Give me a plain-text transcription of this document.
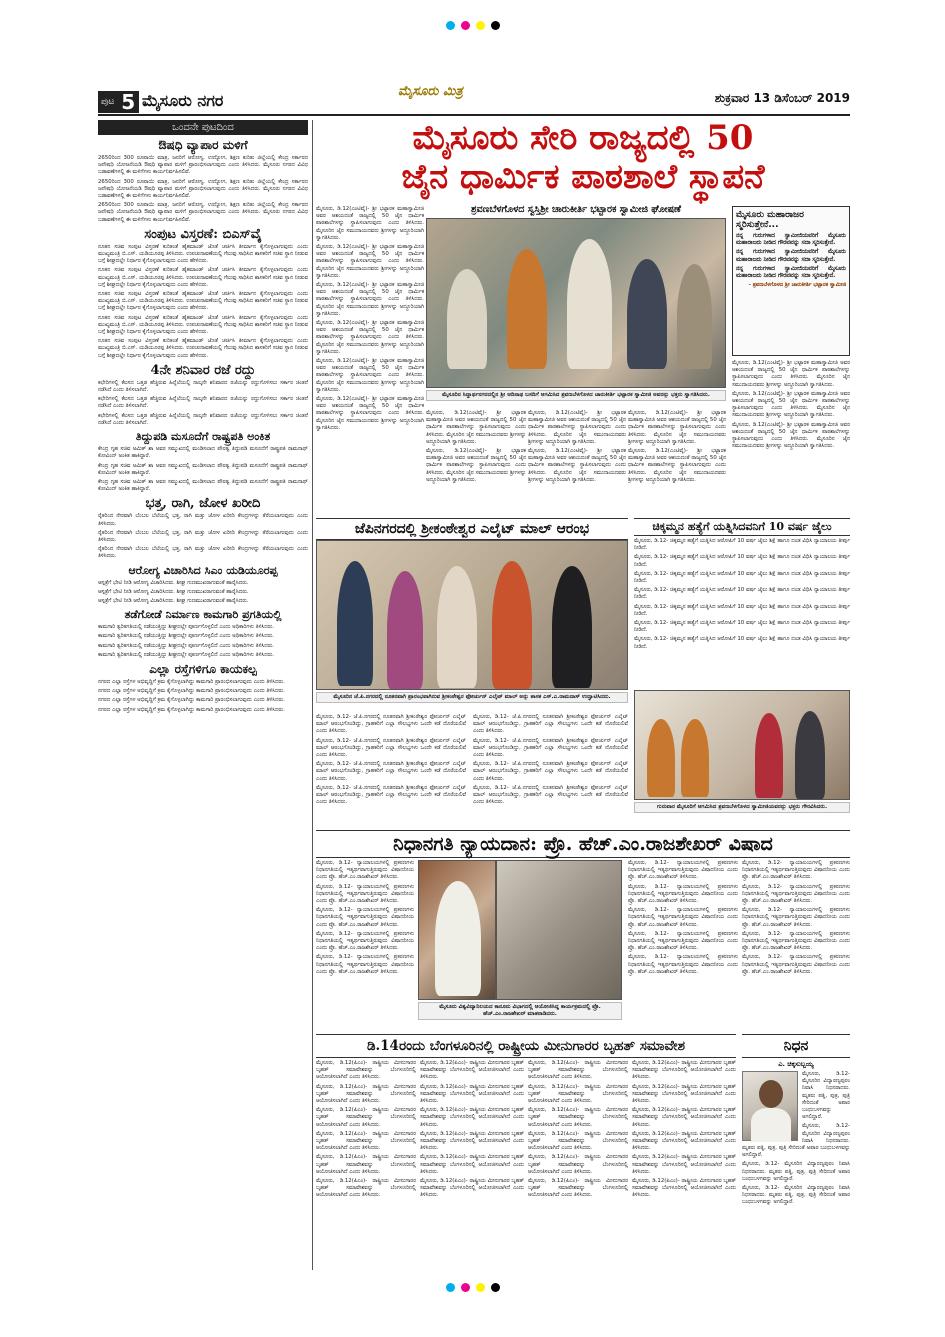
ಪುಟ 5 ಮೈಸೂರು ನಗರ	ಮೈಸೂರು ಮಿತ್ರ	ಶುಕ್ರವಾರ 13 ಡಿಸೆಂಬರ್ 2019
ಒಂದನೇ ಪುಟದಿಂದ
ಔಷಧಿ ವ್ಯಾಪಾರ ಮಳಿಗೆ

2650ರಿಂದ 300 ರೂಪಾಯಿ ಮಾತ್ರ, ಜನರಿಗೆ ಆರೋಗ್ಯ, ಉದ್ಯೋಗ, ಶಿಕ್ಷಣ ಕುರಿತು ಜಿಲ್ಲೆಯಲ್ಲಿ ಕೇಂದ್ರ ಸರ್ಕಾರದ ಜನೌಷಧಿ ಯೋಜನೆಯಡಿ ಔಷಧಿ ವ್ಯಾಪಾರ ಮಳಿಗೆ ಪ್ರಾರಂಭಿಸಲಾಗುವುದು ಎಂದು ತಿಳಿಸಿದರು. ಮೈಸೂರು ನಗರದ ವಿವಿಧ ಬಡಾವಣೆಗಳಲ್ಲಿ ಈ ಮಳಿಗೆಗಳು ಕಾರ್ಯನಿರ್ವಹಿಸಲಿವೆ.

2650ರಿಂದ 300 ರೂಪಾಯಿ ಮಾತ್ರ, ಜನರಿಗೆ ಆರೋಗ್ಯ, ಉದ್ಯೋಗ, ಶಿಕ್ಷಣ ಕುರಿತು ಜಿಲ್ಲೆಯಲ್ಲಿ ಕೇಂದ್ರ ಸರ್ಕಾರದ ಜನೌಷಧಿ ಯೋಜನೆಯಡಿ ಔಷಧಿ ವ್ಯಾಪಾರ ಮಳಿಗೆ ಪ್ರಾರಂಭಿಸಲಾಗುವುದು ಎಂದು ತಿಳಿಸಿದರು. ಮೈಸೂರು ನಗರದ ವಿವಿಧ ಬಡಾವಣೆಗಳಲ್ಲಿ ಈ ಮಳಿಗೆಗಳು ಕಾರ್ಯನಿರ್ವಹಿಸಲಿವೆ.

2650ರಿಂದ 300 ರೂಪಾಯಿ ಮಾತ್ರ, ಜನರಿಗೆ ಆರೋಗ್ಯ, ಉದ್ಯೋಗ, ಶಿಕ್ಷಣ ಕುರಿತು ಜಿಲ್ಲೆಯಲ್ಲಿ ಕೇಂದ್ರ ಸರ್ಕಾರದ ಜನೌಷಧಿ ಯೋಜನೆಯಡಿ ಔಷಧಿ ವ್ಯಾಪಾರ ಮಳಿಗೆ ಪ್ರಾರಂಭಿಸಲಾಗುವುದು ಎಂದು ತಿಳಿಸಿದರು. ಮೈಸೂರು ನಗರದ ವಿವಿಧ ಬಡಾವಣೆಗಳಲ್ಲಿ ಈ ಮಳಿಗೆಗಳು ಕಾರ್ಯನಿರ್ವಹಿಸಲಿವೆ.

ಸಂಪುಟ ವಿಸ್ತರಣೆ: ಬಿಎಸ್‌ವೈ

ನೂತನ ಸಚಿವ ಸಂಪುಟ ವಿಸ್ತರಣೆ ಕುರಿತಂತೆ ಹೈಕಮಾಂಡ್ ಜೊತೆ ಚರ್ಚಿಸಿ ತೀರ್ಮಾನ ಕೈಗೊಳ್ಳಲಾಗುವುದು ಎಂದು ಮುಖ್ಯಮಂತ್ರಿ ಬಿ.ಎಸ್. ಯಡಿಯೂರಪ್ಪ ತಿಳಿಸಿದರು. ಉಪಚುನಾವಣೆಯಲ್ಲಿ ಗೆಲುವು ಸಾಧಿಸಿದ ಶಾಸಕರಿಗೆ ಸಚಿವ ಸ್ಥಾನ ನೀಡುವ ಬಗ್ಗೆ ಶೀಘ್ರದಲ್ಲೇ ನಿರ್ಧಾರ ಕೈಗೊಳ್ಳಲಾಗುವುದು ಎಂದು ಹೇಳಿದರು.

ನೂತನ ಸಚಿವ ಸಂಪುಟ ವಿಸ್ತರಣೆ ಕುರಿತಂತೆ ಹೈಕಮಾಂಡ್ ಜೊತೆ ಚರ್ಚಿಸಿ ತೀರ್ಮಾನ ಕೈಗೊಳ್ಳಲಾಗುವುದು ಎಂದು ಮುಖ್ಯಮಂತ್ರಿ ಬಿ.ಎಸ್. ಯಡಿಯೂರಪ್ಪ ತಿಳಿಸಿದರು. ಉಪಚುನಾವಣೆಯಲ್ಲಿ ಗೆಲುವು ಸಾಧಿಸಿದ ಶಾಸಕರಿಗೆ ಸಚಿವ ಸ್ಥಾನ ನೀಡುವ ಬಗ್ಗೆ ಶೀಘ್ರದಲ್ಲೇ ನಿರ್ಧಾರ ಕೈಗೊಳ್ಳಲಾಗುವುದು ಎಂದು ಹೇಳಿದರು.

ನೂತನ ಸಚಿವ ಸಂಪುಟ ವಿಸ್ತರಣೆ ಕುರಿತಂತೆ ಹೈಕಮಾಂಡ್ ಜೊತೆ ಚರ್ಚಿಸಿ ತೀರ್ಮಾನ ಕೈಗೊಳ್ಳಲಾಗುವುದು ಎಂದು ಮುಖ್ಯಮಂತ್ರಿ ಬಿ.ಎಸ್. ಯಡಿಯೂರಪ್ಪ ತಿಳಿಸಿದರು. ಉಪಚುನಾವಣೆಯಲ್ಲಿ ಗೆಲುವು ಸಾಧಿಸಿದ ಶಾಸಕರಿಗೆ ಸಚಿವ ಸ್ಥಾನ ನೀಡುವ ಬಗ್ಗೆ ಶೀಘ್ರದಲ್ಲೇ ನಿರ್ಧಾರ ಕೈಗೊಳ್ಳಲಾಗುವುದು ಎಂದು ಹೇಳಿದರು.

ನೂತನ ಸಚಿವ ಸಂಪುಟ ವಿಸ್ತರಣೆ ಕುರಿತಂತೆ ಹೈಕಮಾಂಡ್ ಜೊತೆ ಚರ್ಚಿಸಿ ತೀರ್ಮಾನ ಕೈಗೊಳ್ಳಲಾಗುವುದು ಎಂದು ಮುಖ್ಯಮಂತ್ರಿ ಬಿ.ಎಸ್. ಯಡಿಯೂರಪ್ಪ ತಿಳಿಸಿದರು. ಉಪಚುನಾವಣೆಯಲ್ಲಿ ಗೆಲುವು ಸಾಧಿಸಿದ ಶಾಸಕರಿಗೆ ಸಚಿವ ಸ್ಥಾನ ನೀಡುವ ಬಗ್ಗೆ ಶೀಘ್ರದಲ್ಲೇ ನಿರ್ಧಾರ ಕೈಗೊಳ್ಳಲಾಗುವುದು ಎಂದು ಹೇಳಿದರು.

ನೂತನ ಸಚಿವ ಸಂಪುಟ ವಿಸ್ತರಣೆ ಕುರಿತಂತೆ ಹೈಕಮಾಂಡ್ ಜೊತೆ ಚರ್ಚಿಸಿ ತೀರ್ಮಾನ ಕೈಗೊಳ್ಳಲಾಗುವುದು ಎಂದು ಮುಖ್ಯಮಂತ್ರಿ ಬಿ.ಎಸ್. ಯಡಿಯೂರಪ್ಪ ತಿಳಿಸಿದರು. ಉಪಚುನಾವಣೆಯಲ್ಲಿ ಗೆಲುವು ಸಾಧಿಸಿದ ಶಾಸಕರಿಗೆ ಸಚಿವ ಸ್ಥಾನ ನೀಡುವ ಬಗ್ಗೆ ಶೀಘ್ರದಲ್ಲೇ ನಿರ್ಧಾರ ಕೈಗೊಳ್ಳಲಾಗುವುದು ಎಂದು ಹೇಳಿದರು.

4ನೇ ಶನಿವಾರ ರಜೆ ರದ್ದು

ಕಛೇರಿಗಳಲ್ಲಿ ಕೆಲಸದ ಒತ್ತಡ ಹೆಚ್ಚಿರುವ ಹಿನ್ನೆಲೆಯಲ್ಲಿ ನಾಲ್ಕನೇ ಶನಿವಾರದ ರಜೆಯನ್ನು ರದ್ದುಗೊಳಿಸಲು ಸರ್ಕಾರ ಚಿಂತನೆ ನಡೆಸಿದೆ ಎಂದು ತಿಳಿಸಲಾಗಿದೆ.

ಕಛೇರಿಗಳಲ್ಲಿ ಕೆಲಸದ ಒತ್ತಡ ಹೆಚ್ಚಿರುವ ಹಿನ್ನೆಲೆಯಲ್ಲಿ ನಾಲ್ಕನೇ ಶನಿವಾರದ ರಜೆಯನ್ನು ರದ್ದುಗೊಳಿಸಲು ಸರ್ಕಾರ ಚಿಂತನೆ ನಡೆಸಿದೆ ಎಂದು ತಿಳಿಸಲಾಗಿದೆ.

ಕಛೇರಿಗಳಲ್ಲಿ ಕೆಲಸದ ಒತ್ತಡ ಹೆಚ್ಚಿರುವ ಹಿನ್ನೆಲೆಯಲ್ಲಿ ನಾಲ್ಕನೇ ಶನಿವಾರದ ರಜೆಯನ್ನು ರದ್ದುಗೊಳಿಸಲು ಸರ್ಕಾರ ಚಿಂತನೆ ನಡೆಸಿದೆ ಎಂದು ತಿಳಿಸಲಾಗಿದೆ.

ತಿದ್ದುಪಡಿ ಮಸೂದೆಗೆ ರಾಷ್ಟ್ರಪತಿ ಅಂಕಿತ

ಕೇಂದ್ರ ಗೃಹ ಸಚಿವ ಅಮಿತ್ ಶಾ ಅವರ ಸಮ್ಮುಖದಲ್ಲಿ ಮಂಡಿಸಲಾದ ಪೌರತ್ವ ತಿದ್ದುಪಡಿ ಮಸೂದೆಗೆ ರಾಷ್ಟ್ರಪತಿ ರಾಮನಾಥ್ ಕೋವಿಂದ್ ಅಂಕಿತ ಹಾಕಿದ್ದಾರೆ.

ಕೇಂದ್ರ ಗೃಹ ಸಚಿವ ಅಮಿತ್ ಶಾ ಅವರ ಸಮ್ಮುಖದಲ್ಲಿ ಮಂಡಿಸಲಾದ ಪೌರತ್ವ ತಿದ್ದುಪಡಿ ಮಸೂದೆಗೆ ರಾಷ್ಟ್ರಪತಿ ರಾಮನಾಥ್ ಕೋವಿಂದ್ ಅಂಕಿತ ಹಾಕಿದ್ದಾರೆ.

ಕೇಂದ್ರ ಗೃಹ ಸಚಿವ ಅಮಿತ್ ಶಾ ಅವರ ಸಮ್ಮುಖದಲ್ಲಿ ಮಂಡಿಸಲಾದ ಪೌರತ್ವ ತಿದ್ದುಪಡಿ ಮಸೂದೆಗೆ ರಾಷ್ಟ್ರಪತಿ ರಾಮನಾಥ್ ಕೋವಿಂದ್ ಅಂಕಿತ ಹಾಕಿದ್ದಾರೆ.

ಭತ್ತ, ರಾಗಿ, ಜೋಳ ಖರೀದಿ

ರೈತರಿಂದ ನೇರವಾಗಿ ಬೆಂಬಲ ಬೆಲೆಯಲ್ಲಿ ಭತ್ತ, ರಾಗಿ ಮತ್ತು ಜೋಳ ಖರೀದಿ ಕೇಂದ್ರಗಳನ್ನು ತೆರೆಯಲಾಗುವುದು ಎಂದು ತಿಳಿಸಿದರು.

ರೈತರಿಂದ ನೇರವಾಗಿ ಬೆಂಬಲ ಬೆಲೆಯಲ್ಲಿ ಭತ್ತ, ರಾಗಿ ಮತ್ತು ಜೋಳ ಖರೀದಿ ಕೇಂದ್ರಗಳನ್ನು ತೆರೆಯಲಾಗುವುದು ಎಂದು ತಿಳಿಸಿದರು.

ರೈತರಿಂದ ನೇರವಾಗಿ ಬೆಂಬಲ ಬೆಲೆಯಲ್ಲಿ ಭತ್ತ, ರಾಗಿ ಮತ್ತು ಜೋಳ ಖರೀದಿ ಕೇಂದ್ರಗಳನ್ನು ತೆರೆಯಲಾಗುವುದು ಎಂದು ತಿಳಿಸಿದರು.

ಆರೋಗ್ಯ ವಿಚಾರಿಸಿದ ಸಿಎಂ ಯಡಿಯೂರಪ್ಪ

ಆಸ್ಪತ್ರೆಗೆ ಭೇಟಿ ನೀಡಿ ಆರೋಗ್ಯ ವಿಚಾರಿಸಿದರು. ಶೀಘ್ರ ಗುಣಮುಖರಾಗುವಂತೆ ಹಾರೈಸಿದರು.

ಆಸ್ಪತ್ರೆಗೆ ಭೇಟಿ ನೀಡಿ ಆರೋಗ್ಯ ವಿಚಾರಿಸಿದರು. ಶೀಘ್ರ ಗುಣಮುಖರಾಗುವಂತೆ ಹಾರೈಸಿದರು.

ಆಸ್ಪತ್ರೆಗೆ ಭೇಟಿ ನೀಡಿ ಆರೋಗ್ಯ ವಿಚಾರಿಸಿದರು. ಶೀಘ್ರ ಗುಣಮುಖರಾಗುವಂತೆ ಹಾರೈಸಿದರು.

ತಡೆಗೋಡೆ ನಿರ್ಮಾಣ ಕಾಮಗಾರಿ ಪ್ರಗತಿಯಲ್ಲಿ

ಕಾಮಗಾರಿ ತ್ವರಿತಗತಿಯಲ್ಲಿ ನಡೆಯುತ್ತಿದ್ದು ಶೀಘ್ರದಲ್ಲೇ ಪೂರ್ಣಗೊಳ್ಳಲಿದೆ ಎಂದು ಅಧಿಕಾರಿಗಳು ತಿಳಿಸಿದರು.

ಕಾಮಗಾರಿ ತ್ವರಿತಗತಿಯಲ್ಲಿ ನಡೆಯುತ್ತಿದ್ದು ಶೀಘ್ರದಲ್ಲೇ ಪೂರ್ಣಗೊಳ್ಳಲಿದೆ ಎಂದು ಅಧಿಕಾರಿಗಳು ತಿಳಿಸಿದರು.

ಕಾಮಗಾರಿ ತ್ವರಿತಗತಿಯಲ್ಲಿ ನಡೆಯುತ್ತಿದ್ದು ಶೀಘ್ರದಲ್ಲೇ ಪೂರ್ಣಗೊಳ್ಳಲಿದೆ ಎಂದು ಅಧಿಕಾರಿಗಳು ತಿಳಿಸಿದರು.

ಕಾಮಗಾರಿ ತ್ವರಿತಗತಿಯಲ್ಲಿ ನಡೆಯುತ್ತಿದ್ದು ಶೀಘ್ರದಲ್ಲೇ ಪೂರ್ಣಗೊಳ್ಳಲಿದೆ ಎಂದು ಅಧಿಕಾರಿಗಳು ತಿಳಿಸಿದರು.

ಎಲ್ಲಾ ರಸ್ತೆಗಳಿಗೂ ಕಾಯಕಲ್ಪ

ನಗರದ ಎಲ್ಲಾ ರಸ್ತೆಗಳ ಅಭಿವೃದ್ಧಿಗೆ ಕ್ರಮ ಕೈಗೊಳ್ಳಲಾಗಿದ್ದು ಕಾಮಗಾರಿ ಪ್ರಾರಂಭಿಸಲಾಗುವುದು ಎಂದು ತಿಳಿಸಿದರು.

ನಗರದ ಎಲ್ಲಾ ರಸ್ತೆಗಳ ಅಭಿವೃದ್ಧಿಗೆ ಕ್ರಮ ಕೈಗೊಳ್ಳಲಾಗಿದ್ದು ಕಾಮಗಾರಿ ಪ್ರಾರಂಭಿಸಲಾಗುವುದು ಎಂದು ತಿಳಿಸಿದರು.

ನಗರದ ಎಲ್ಲಾ ರಸ್ತೆಗಳ ಅಭಿವೃದ್ಧಿಗೆ ಕ್ರಮ ಕೈಗೊಳ್ಳಲಾಗಿದ್ದು ಕಾಮಗಾರಿ ಪ್ರಾರಂಭಿಸಲಾಗುವುದು ಎಂದು ತಿಳಿಸಿದರು.

ನಗರದ ಎಲ್ಲಾ ರಸ್ತೆಗಳ ಅಭಿವೃದ್ಧಿಗೆ ಕ್ರಮ ಕೈಗೊಳ್ಳಲಾಗಿದ್ದು ಕಾಮಗಾರಿ ಪ್ರಾರಂಭಿಸಲಾಗುವುದು ಎಂದು ತಿಳಿಸಿದರು.

ಮೈಸೂರು ಸೇರಿ ರಾಜ್ಯದಲ್ಲಿ 50
ಜೈನ ಧಾರ್ಮಿಕ ಪಾಠಶಾಲೆ ಸ್ಥಾಪನೆ

ಮೈಸೂರು, ಡಿ.12(ಎಂಟಿವೈ)- ಶ್ರೀ ಭಟ್ಟಾರಕ ಮಹಾಸ್ವಾಮೀಜಿ ಅವರ ಆಶಯದಂತೆ ರಾಜ್ಯದಲ್ಲಿ 50 ಜೈನ ಧಾರ್ಮಿಕ ಪಾಠಶಾಲೆಗಳನ್ನು ಸ್ಥಾಪಿಸಲಾಗುವುದು ಎಂದು ತಿಳಿಸಿದರು. ಮೈಸೂರಿನ ಜೈನ ಸಮುದಾಯದವರು ಶ್ರೀಗಳನ್ನು ಅದ್ಧೂರಿಯಾಗಿ ಸ್ವಾಗತಿಸಿದರು.

ಮೈಸೂರು, ಡಿ.12(ಎಂಟಿವೈ)- ಶ್ರೀ ಭಟ್ಟಾರಕ ಮಹಾಸ್ವಾಮೀಜಿ ಅವರ ಆಶಯದಂತೆ ರಾಜ್ಯದಲ್ಲಿ 50 ಜೈನ ಧಾರ್ಮಿಕ ಪಾಠಶಾಲೆಗಳನ್ನು ಸ್ಥಾಪಿಸಲಾಗುವುದು ಎಂದು ತಿಳಿಸಿದರು. ಮೈಸೂರಿನ ಜೈನ ಸಮುದಾಯದವರು ಶ್ರೀಗಳನ್ನು ಅದ್ಧೂರಿಯಾಗಿ ಸ್ವಾಗತಿಸಿದರು.

ಮೈಸೂರು, ಡಿ.12(ಎಂಟಿವೈ)- ಶ್ರೀ ಭಟ್ಟಾರಕ ಮಹಾಸ್ವಾಮೀಜಿ ಅವರ ಆಶಯದಂತೆ ರಾಜ್ಯದಲ್ಲಿ 50 ಜೈನ ಧಾರ್ಮಿಕ ಪಾಠಶಾಲೆಗಳನ್ನು ಸ್ಥಾಪಿಸಲಾಗುವುದು ಎಂದು ತಿಳಿಸಿದರು. ಮೈಸೂರಿನ ಜೈನ ಸಮುದಾಯದವರು ಶ್ರೀಗಳನ್ನು ಅದ್ಧೂರಿಯಾಗಿ ಸ್ವಾಗತಿಸಿದರು.

ಮೈಸೂರು, ಡಿ.12(ಎಂಟಿವೈ)- ಶ್ರೀ ಭಟ್ಟಾರಕ ಮಹಾಸ್ವಾಮೀಜಿ ಅವರ ಆಶಯದಂತೆ ರಾಜ್ಯದಲ್ಲಿ 50 ಜೈನ ಧಾರ್ಮಿಕ ಪಾಠಶಾಲೆಗಳನ್ನು ಸ್ಥಾಪಿಸಲಾಗುವುದು ಎಂದು ತಿಳಿಸಿದರು. ಮೈಸೂರಿನ ಜೈನ ಸಮುದಾಯದವರು ಶ್ರೀಗಳನ್ನು ಅದ್ಧೂರಿಯಾಗಿ ಸ್ವಾಗತಿಸಿದರು.

ಮೈಸೂರು, ಡಿ.12(ಎಂಟಿವೈ)- ಶ್ರೀ ಭಟ್ಟಾರಕ ಮಹಾಸ್ವಾಮೀಜಿ ಅವರ ಆಶಯದಂತೆ ರಾಜ್ಯದಲ್ಲಿ 50 ಜೈನ ಧಾರ್ಮಿಕ ಪಾಠಶಾಲೆಗಳನ್ನು ಸ್ಥಾಪಿಸಲಾಗುವುದು ಎಂದು ತಿಳಿಸಿದರು. ಮೈಸೂರಿನ ಜೈನ ಸಮುದಾಯದವರು ಶ್ರೀಗಳನ್ನು ಅದ್ಧೂರಿಯಾಗಿ ಸ್ವಾಗತಿಸಿದರು.

ಮೈಸೂರು, ಡಿ.12(ಎಂಟಿವೈ)- ಶ್ರೀ ಭಟ್ಟಾರಕ ಮಹಾಸ್ವಾಮೀಜಿ ಅವರ ಆಶಯದಂತೆ ರಾಜ್ಯದಲ್ಲಿ 50 ಜೈನ ಧಾರ್ಮಿಕ ಪಾಠಶಾಲೆಗಳನ್ನು ಸ್ಥಾಪಿಸಲಾಗುವುದು ಎಂದು ತಿಳಿಸಿದರು. ಮೈಸೂರಿನ ಜೈನ ಸಮುದಾಯದವರು ಶ್ರೀಗಳನ್ನು ಅದ್ಧೂರಿಯಾಗಿ ಸ್ವಾಗತಿಸಿದರು.

ಶ್ರವಣಬೆಳಗೊಳದ ಸ್ವಸ್ತಿಶ್ರೀ ಚಾರುಕೀರ್ತಿ ಭಟ್ಟಾರಕ ಸ್ವಾಮೀಜಿ ಘೋಷಣೆ
ಮೈಸೂರಿನ ಸಿದ್ದಾರ್ಥನಗರದಲ್ಲಿನ ಶ್ರೀ ಆದಿನಾಥ ಬಸದಿಗೆ ಆಗಮಿಸಿದ ಶ್ರವಣಬೆಳಗೊಳದ ಚಾರುಕೀರ್ತಿ ಭಟ್ಟಾರಕ ಸ್ವಾಮೀಜಿ ಅವರನ್ನು ಭಕ್ತರು ಸ್ವಾಗತಿಸಿದರು.

ಮೈಸೂರು, ಡಿ.12(ಎಂಟಿವೈ)- ಶ್ರೀ ಭಟ್ಟಾರಕ ಮಹಾಸ್ವಾಮೀಜಿ ಅವರ ಆಶಯದಂತೆ ರಾಜ್ಯದಲ್ಲಿ 50 ಜೈನ ಧಾರ್ಮಿಕ ಪಾಠಶಾಲೆಗಳನ್ನು ಸ್ಥಾಪಿಸಲಾಗುವುದು ಎಂದು ತಿಳಿಸಿದರು. ಮೈಸೂರಿನ ಜೈನ ಸಮುದಾಯದವರು ಶ್ರೀಗಳನ್ನು ಅದ್ಧೂರಿಯಾಗಿ ಸ್ವಾಗತಿಸಿದರು.

ಮೈಸೂರು, ಡಿ.12(ಎಂಟಿವೈ)- ಶ್ರೀ ಭಟ್ಟಾರಕ ಮಹಾಸ್ವಾಮೀಜಿ ಅವರ ಆಶಯದಂತೆ ರಾಜ್ಯದಲ್ಲಿ 50 ಜೈನ ಧಾರ್ಮಿಕ ಪಾಠಶಾಲೆಗಳನ್ನು ಸ್ಥಾಪಿಸಲಾಗುವುದು ಎಂದು ತಿಳಿಸಿದರು. ಮೈಸೂರಿನ ಜೈನ ಸಮುದಾಯದವರು ಶ್ರೀಗಳನ್ನು ಅದ್ಧೂರಿಯಾಗಿ ಸ್ವಾಗತಿಸಿದರು.

ಮೈಸೂರು, ಡಿ.12(ಎಂಟಿವೈ)- ಶ್ರೀ ಭಟ್ಟಾರಕ ಮಹಾಸ್ವಾಮೀಜಿ ಅವರ ಆಶಯದಂತೆ ರಾಜ್ಯದಲ್ಲಿ 50 ಜೈನ ಧಾರ್ಮಿಕ ಪಾಠಶಾಲೆಗಳನ್ನು ಸ್ಥಾಪಿಸಲಾಗುವುದು ಎಂದು ತಿಳಿಸಿದರು. ಮೈಸೂರಿನ ಜೈನ ಸಮುದಾಯದವರು ಶ್ರೀಗಳನ್ನು ಅದ್ಧೂರಿಯಾಗಿ ಸ್ವಾಗತಿಸಿದರು.

ಮೈಸೂರು, ಡಿ.12(ಎಂಟಿವೈ)- ಶ್ರೀ ಭಟ್ಟಾರಕ ಮಹಾಸ್ವಾಮೀಜಿ ಅವರ ಆಶಯದಂತೆ ರಾಜ್ಯದಲ್ಲಿ 50 ಜೈನ ಧಾರ್ಮಿಕ ಪಾಠಶಾಲೆಗಳನ್ನು ಸ್ಥಾಪಿಸಲಾಗುವುದು ಎಂದು ತಿಳಿಸಿದರು. ಮೈಸೂರಿನ ಜೈನ ಸಮುದಾಯದವರು ಶ್ರೀಗಳನ್ನು ಅದ್ಧೂರಿಯಾಗಿ ಸ್ವಾಗತಿಸಿದರು.

ಮೈಸೂರು, ಡಿ.12(ಎಂಟಿವೈ)- ಶ್ರೀ ಭಟ್ಟಾರಕ ಮಹಾಸ್ವಾಮೀಜಿ ಅವರ ಆಶಯದಂತೆ ರಾಜ್ಯದಲ್ಲಿ 50 ಜೈನ ಧಾರ್ಮಿಕ ಪಾಠಶಾಲೆಗಳನ್ನು ಸ್ಥಾಪಿಸಲಾಗುವುದು ಎಂದು ತಿಳಿಸಿದರು. ಮೈಸೂರಿನ ಜೈನ ಸಮುದಾಯದವರು ಶ್ರೀಗಳನ್ನು ಅದ್ಧೂರಿಯಾಗಿ ಸ್ವಾಗತಿಸಿದರು.

ಮೈಸೂರು, ಡಿ.12(ಎಂಟಿವೈ)- ಶ್ರೀ ಭಟ್ಟಾರಕ ಮಹಾಸ್ವಾಮೀಜಿ ಅವರ ಆಶಯದಂತೆ ರಾಜ್ಯದಲ್ಲಿ 50 ಜೈನ ಧಾರ್ಮಿಕ ಪಾಠಶಾಲೆಗಳನ್ನು ಸ್ಥಾಪಿಸಲಾಗುವುದು ಎಂದು ತಿಳಿಸಿದರು. ಮೈಸೂರಿನ ಜೈನ ಸಮುದಾಯದವರು ಶ್ರೀಗಳನ್ನು ಅದ್ಧೂರಿಯಾಗಿ ಸ್ವಾಗತಿಸಿದರು.

ಮೈಸೂರು ಮಹಾರಾಜರ ಸ್ಮರಿಸುತ್ತೇನೆ...

ನನ್ನ ಗುರುಗಳಾದ ಸ್ವಾಮೀಜಿಯವರಿಗೆ ಮೈಸೂರು ಮಹಾರಾಜರು ನೀಡಿದ ಗೌರವವನ್ನು ಸದಾ ಸ್ಮರಿಸುತ್ತೇನೆ.

ನನ್ನ ಗುರುಗಳಾದ ಸ್ವಾಮೀಜಿಯವರಿಗೆ ಮೈಸೂರು ಮಹಾರಾಜರು ನೀಡಿದ ಗೌರವವನ್ನು ಸದಾ ಸ್ಮರಿಸುತ್ತೇನೆ.

ನನ್ನ ಗುರುಗಳಾದ ಸ್ವಾಮೀಜಿಯವರಿಗೆ ಮೈಸೂರು ಮಹಾರಾಜರು ನೀಡಿದ ಗೌರವವನ್ನು ಸದಾ ಸ್ಮರಿಸುತ್ತೇನೆ.

- ಶ್ರವಣಬೆಳಗೊಳದ ಶ್ರೀ ಚಾರುಕೀರ್ತಿ ಭಟ್ಟಾರಕ ಸ್ವಾಮೀಜಿ

ಮೈಸೂರು, ಡಿ.12(ಎಂಟಿವೈ)- ಶ್ರೀ ಭಟ್ಟಾರಕ ಮಹಾಸ್ವಾಮೀಜಿ ಅವರ ಆಶಯದಂತೆ ರಾಜ್ಯದಲ್ಲಿ 50 ಜೈನ ಧಾರ್ಮಿಕ ಪಾಠಶಾಲೆಗಳನ್ನು ಸ್ಥಾಪಿಸಲಾಗುವುದು ಎಂದು ತಿಳಿಸಿದರು. ಮೈಸೂರಿನ ಜೈನ ಸಮುದಾಯದವರು ಶ್ರೀಗಳನ್ನು ಅದ್ಧೂರಿಯಾಗಿ ಸ್ವಾಗತಿಸಿದರು.

ಮೈಸೂರು, ಡಿ.12(ಎಂಟಿವೈ)- ಶ್ರೀ ಭಟ್ಟಾರಕ ಮಹಾಸ್ವಾಮೀಜಿ ಅವರ ಆಶಯದಂತೆ ರಾಜ್ಯದಲ್ಲಿ 50 ಜೈನ ಧಾರ್ಮಿಕ ಪಾಠಶಾಲೆಗಳನ್ನು ಸ್ಥಾಪಿಸಲಾಗುವುದು ಎಂದು ತಿಳಿಸಿದರು. ಮೈಸೂರಿನ ಜೈನ ಸಮುದಾಯದವರು ಶ್ರೀಗಳನ್ನು ಅದ್ಧೂರಿಯಾಗಿ ಸ್ವಾಗತಿಸಿದರು.

ಮೈಸೂರು, ಡಿ.12(ಎಂಟಿವೈ)- ಶ್ರೀ ಭಟ್ಟಾರಕ ಮಹಾಸ್ವಾಮೀಜಿ ಅವರ ಆಶಯದಂತೆ ರಾಜ್ಯದಲ್ಲಿ 50 ಜೈನ ಧಾರ್ಮಿಕ ಪಾಠಶಾಲೆಗಳನ್ನು ಸ್ಥಾಪಿಸಲಾಗುವುದು ಎಂದು ತಿಳಿಸಿದರು. ಮೈಸೂರಿನ ಜೈನ ಸಮುದಾಯದವರು ಶ್ರೀಗಳನ್ನು ಅದ್ಧೂರಿಯಾಗಿ ಸ್ವಾಗತಿಸಿದರು.

ಜೆಪಿನಗರದಲ್ಲಿ ಶ್ರೀಕಂಠೇಶ್ವರ ಎಲೈಟ್ ಮಾಲ್ ಆರಂಭ
ಮೈಸೂರಿನ ಜೆ.ಪಿ.ನಗರದಲ್ಲಿ ನೂತನವಾಗಿ ಪ್ರಾರಂಭವಾಗಿರುವ ಶ್ರೀಕಂಠೇಶ್ವರ ಫೋರ್ಚುನ್ ಎಲೈಟ್ ಮಾಲ್ ಅನ್ನು ಶಾಸಕ ಎಸ್.ಎ.ರಾಮದಾಸ್ ಉದ್ಘಾಟಿಸಿದರು.

ಮೈಸೂರು, ಡಿ.12- ಜೆ.ಪಿ.ನಗರದಲ್ಲಿ ನೂತನವಾಗಿ ಶ್ರೀಕಂಠೇಶ್ವರ ಫೋರ್ಚುನ್ ಎಲೈಟ್ ಮಾಲ್ ಆರಂಭಗೊಂಡಿದ್ದು, ಗ್ರಾಹಕರಿಗೆ ಎಲ್ಲಾ ಸೌಲಭ್ಯಗಳು ಒಂದೇ ಕಡೆ ದೊರೆಯಲಿವೆ ಎಂದು ತಿಳಿಸಿದರು.

ಮೈಸೂರು, ಡಿ.12- ಜೆ.ಪಿ.ನಗರದಲ್ಲಿ ನೂತನವಾಗಿ ಶ್ರೀಕಂಠೇಶ್ವರ ಫೋರ್ಚುನ್ ಎಲೈಟ್ ಮಾಲ್ ಆರಂಭಗೊಂಡಿದ್ದು, ಗ್ರಾಹಕರಿಗೆ ಎಲ್ಲಾ ಸೌಲಭ್ಯಗಳು ಒಂದೇ ಕಡೆ ದೊರೆಯಲಿವೆ ಎಂದು ತಿಳಿಸಿದರು.

ಮೈಸೂರು, ಡಿ.12- ಜೆ.ಪಿ.ನಗರದಲ್ಲಿ ನೂತನವಾಗಿ ಶ್ರೀಕಂಠೇಶ್ವರ ಫೋರ್ಚುನ್ ಎಲೈಟ್ ಮಾಲ್ ಆರಂಭಗೊಂಡಿದ್ದು, ಗ್ರಾಹಕರಿಗೆ ಎಲ್ಲಾ ಸೌಲಭ್ಯಗಳು ಒಂದೇ ಕಡೆ ದೊರೆಯಲಿವೆ ಎಂದು ತಿಳಿಸಿದರು.

ಮೈಸೂರು, ಡಿ.12- ಜೆ.ಪಿ.ನಗರದಲ್ಲಿ ನೂತನವಾಗಿ ಶ್ರೀಕಂಠೇಶ್ವರ ಫೋರ್ಚುನ್ ಎಲೈಟ್ ಮಾಲ್ ಆರಂಭಗೊಂಡಿದ್ದು, ಗ್ರಾಹಕರಿಗೆ ಎಲ್ಲಾ ಸೌಲಭ್ಯಗಳು ಒಂದೇ ಕಡೆ ದೊರೆಯಲಿವೆ ಎಂದು ತಿಳಿಸಿದರು.

ಮೈಸೂರು, ಡಿ.12- ಜೆ.ಪಿ.ನಗರದಲ್ಲಿ ನೂತನವಾಗಿ ಶ್ರೀಕಂಠೇಶ್ವರ ಫೋರ್ಚುನ್ ಎಲೈಟ್ ಮಾಲ್ ಆರಂಭಗೊಂಡಿದ್ದು, ಗ್ರಾಹಕರಿಗೆ ಎಲ್ಲಾ ಸೌಲಭ್ಯಗಳು ಒಂದೇ ಕಡೆ ದೊರೆಯಲಿವೆ ಎಂದು ತಿಳಿಸಿದರು.

ಮೈಸೂರು, ಡಿ.12- ಜೆ.ಪಿ.ನಗರದಲ್ಲಿ ನೂತನವಾಗಿ ಶ್ರೀಕಂಠೇಶ್ವರ ಫೋರ್ಚುನ್ ಎಲೈಟ್ ಮಾಲ್ ಆರಂಭಗೊಂಡಿದ್ದು, ಗ್ರಾಹಕರಿಗೆ ಎಲ್ಲಾ ಸೌಲಭ್ಯಗಳು ಒಂದೇ ಕಡೆ ದೊರೆಯಲಿವೆ ಎಂದು ತಿಳಿಸಿದರು.

ಮೈಸೂರು, ಡಿ.12- ಜೆ.ಪಿ.ನಗರದಲ್ಲಿ ನೂತನವಾಗಿ ಶ್ರೀಕಂಠೇಶ್ವರ ಫೋರ್ಚುನ್ ಎಲೈಟ್ ಮಾಲ್ ಆರಂಭಗೊಂಡಿದ್ದು, ಗ್ರಾಹಕರಿಗೆ ಎಲ್ಲಾ ಸೌಲಭ್ಯಗಳು ಒಂದೇ ಕಡೆ ದೊರೆಯಲಿವೆ ಎಂದು ತಿಳಿಸಿದರು.

ಮೈಸೂರು, ಡಿ.12- ಜೆ.ಪಿ.ನಗರದಲ್ಲಿ ನೂತನವಾಗಿ ಶ್ರೀಕಂಠೇಶ್ವರ ಫೋರ್ಚುನ್ ಎಲೈಟ್ ಮಾಲ್ ಆರಂಭಗೊಂಡಿದ್ದು, ಗ್ರಾಹಕರಿಗೆ ಎಲ್ಲಾ ಸೌಲಭ್ಯಗಳು ಒಂದೇ ಕಡೆ ದೊರೆಯಲಿವೆ ಎಂದು ತಿಳಿಸಿದರು.

ಚಿಕ್ಕಮ್ಮನ ಹತ್ಯೆಗೆ ಯತ್ನಿಸಿದವನಿಗೆ 10 ವರ್ಷ ಜೈಲು

ಮೈಸೂರು, ಡಿ.12- ಚಿಕ್ಕಮ್ಮನ ಹತ್ಯೆಗೆ ಯತ್ನಿಸಿದ ಆರೋಪಿಗೆ 10 ವರ್ಷ ಜೈಲು ಶಿಕ್ಷೆ ಹಾಗೂ ದಂಡ ವಿಧಿಸಿ ನ್ಯಾಯಾಲಯ ತೀರ್ಪು ನೀಡಿದೆ.

ಮೈಸೂರು, ಡಿ.12- ಚಿಕ್ಕಮ್ಮನ ಹತ್ಯೆಗೆ ಯತ್ನಿಸಿದ ಆರೋಪಿಗೆ 10 ವರ್ಷ ಜೈಲು ಶಿಕ್ಷೆ ಹಾಗೂ ದಂಡ ವಿಧಿಸಿ ನ್ಯಾಯಾಲಯ ತೀರ್ಪು ನೀಡಿದೆ.

ಮೈಸೂರು, ಡಿ.12- ಚಿಕ್ಕಮ್ಮನ ಹತ್ಯೆಗೆ ಯತ್ನಿಸಿದ ಆರೋಪಿಗೆ 10 ವರ್ಷ ಜೈಲು ಶಿಕ್ಷೆ ಹಾಗೂ ದಂಡ ವಿಧಿಸಿ ನ್ಯಾಯಾಲಯ ತೀರ್ಪು ನೀಡಿದೆ.

ಮೈಸೂರು, ಡಿ.12- ಚಿಕ್ಕಮ್ಮನ ಹತ್ಯೆಗೆ ಯತ್ನಿಸಿದ ಆರೋಪಿಗೆ 10 ವರ್ಷ ಜೈಲು ಶಿಕ್ಷೆ ಹಾಗೂ ದಂಡ ವಿಧಿಸಿ ನ್ಯಾಯಾಲಯ ತೀರ್ಪು ನೀಡಿದೆ.

ಮೈಸೂರು, ಡಿ.12- ಚಿಕ್ಕಮ್ಮನ ಹತ್ಯೆಗೆ ಯತ್ನಿಸಿದ ಆರೋಪಿಗೆ 10 ವರ್ಷ ಜೈಲು ಶಿಕ್ಷೆ ಹಾಗೂ ದಂಡ ವಿಧಿಸಿ ನ್ಯಾಯಾಲಯ ತೀರ್ಪು ನೀಡಿದೆ.

ಮೈಸೂರು, ಡಿ.12- ಚಿಕ್ಕಮ್ಮನ ಹತ್ಯೆಗೆ ಯತ್ನಿಸಿದ ಆರೋಪಿಗೆ 10 ವರ್ಷ ಜೈಲು ಶಿಕ್ಷೆ ಹಾಗೂ ದಂಡ ವಿಧಿಸಿ ನ್ಯಾಯಾಲಯ ತೀರ್ಪು ನೀಡಿದೆ.

ಮೈಸೂರು, ಡಿ.12- ಚಿಕ್ಕಮ್ಮನ ಹತ್ಯೆಗೆ ಯತ್ನಿಸಿದ ಆರೋಪಿಗೆ 10 ವರ್ಷ ಜೈಲು ಶಿಕ್ಷೆ ಹಾಗೂ ದಂಡ ವಿಧಿಸಿ ನ್ಯಾಯಾಲಯ ತೀರ್ಪು ನೀಡಿದೆ.

ಗುರುವಾರ ಮೈಸೂರಿಗೆ ಆಗಮಿಸಿದ ಶ್ರವಣಬೆಳಗೊಳದ ಸ್ವಾಮೀಜಿಯವರನ್ನು ಭಕ್ತರು ಗೌರವಿಸಿದರು.
ನಿಧಾನಗತಿ ನ್ಯಾಯದಾನ: ಪ್ರೊ. ಹೆಚ್.ಎಂ.ರಾಜಶೇಖರ್ ವಿಷಾದ
ಮೈಸೂರು ವಿಶ್ವವಿದ್ಯಾನಿಲಯದ ಕಾನೂನು ವಿಭಾಗದಲ್ಲಿ ಆಯೋಜಿಸಿದ್ದ ಕಾರ್ಯಕ್ರಮದಲ್ಲಿ ಪ್ರೊ. ಹೆಚ್.ಎಂ.ರಾಜಶೇಖರ್ ಮಾತನಾಡಿದರು.

ಮೈಸೂರು, ಡಿ.12- ನ್ಯಾಯಾಲಯಗಳಲ್ಲಿ ಪ್ರಕರಣಗಳು ನಿಧಾನಗತಿಯಲ್ಲಿ ಇತ್ಯರ್ಥವಾಗುತ್ತಿರುವುದು ವಿಷಾದನೀಯ ಎಂದು ಪ್ರೊ. ಹೆಚ್.ಎಂ.ರಾಜಶೇಖರ್ ತಿಳಿಸಿದರು.

ಮೈಸೂರು, ಡಿ.12- ನ್ಯಾಯಾಲಯಗಳಲ್ಲಿ ಪ್ರಕರಣಗಳು ನಿಧಾನಗತಿಯಲ್ಲಿ ಇತ್ಯರ್ಥವಾಗುತ್ತಿರುವುದು ವಿಷಾದನೀಯ ಎಂದು ಪ್ರೊ. ಹೆಚ್.ಎಂ.ರಾಜಶೇಖರ್ ತಿಳಿಸಿದರು.

ಮೈಸೂರು, ಡಿ.12- ನ್ಯಾಯಾಲಯಗಳಲ್ಲಿ ಪ್ರಕರಣಗಳು ನಿಧಾನಗತಿಯಲ್ಲಿ ಇತ್ಯರ್ಥವಾಗುತ್ತಿರುವುದು ವಿಷಾದನೀಯ ಎಂದು ಪ್ರೊ. ಹೆಚ್.ಎಂ.ರಾಜಶೇಖರ್ ತಿಳಿಸಿದರು.

ಮೈಸೂರು, ಡಿ.12- ನ್ಯಾಯಾಲಯಗಳಲ್ಲಿ ಪ್ರಕರಣಗಳು ನಿಧಾನಗತಿಯಲ್ಲಿ ಇತ್ಯರ್ಥವಾಗುತ್ತಿರುವುದು ವಿಷಾದನೀಯ ಎಂದು ಪ್ರೊ. ಹೆಚ್.ಎಂ.ರಾಜಶೇಖರ್ ತಿಳಿಸಿದರು.

ಮೈಸೂರು, ಡಿ.12- ನ್ಯಾಯಾಲಯಗಳಲ್ಲಿ ಪ್ರಕರಣಗಳು ನಿಧಾನಗತಿಯಲ್ಲಿ ಇತ್ಯರ್ಥವಾಗುತ್ತಿರುವುದು ವಿಷಾದನೀಯ ಎಂದು ಪ್ರೊ. ಹೆಚ್.ಎಂ.ರಾಜಶೇಖರ್ ತಿಳಿಸಿದರು.

ಮೈಸೂರು, ಡಿ.12- ನ್ಯಾಯಾಲಯಗಳಲ್ಲಿ ಪ್ರಕರಣಗಳು ನಿಧಾನಗತಿಯಲ್ಲಿ ಇತ್ಯರ್ಥವಾಗುತ್ತಿರುವುದು ವಿಷಾದನೀಯ ಎಂದು ಪ್ರೊ. ಹೆಚ್.ಎಂ.ರಾಜಶೇಖರ್ ತಿಳಿಸಿದರು.

ಮೈಸೂರು, ಡಿ.12- ನ್ಯಾಯಾಲಯಗಳಲ್ಲಿ ಪ್ರಕರಣಗಳು ನಿಧಾನಗತಿಯಲ್ಲಿ ಇತ್ಯರ್ಥವಾಗುತ್ತಿರುವುದು ವಿಷಾದನೀಯ ಎಂದು ಪ್ರೊ. ಹೆಚ್.ಎಂ.ರಾಜಶೇಖರ್ ತಿಳಿಸಿದರು.

ಮೈಸೂರು, ಡಿ.12- ನ್ಯಾಯಾಲಯಗಳಲ್ಲಿ ಪ್ರಕರಣಗಳು ನಿಧಾನಗತಿಯಲ್ಲಿ ಇತ್ಯರ್ಥವಾಗುತ್ತಿರುವುದು ವಿಷಾದನೀಯ ಎಂದು ಪ್ರೊ. ಹೆಚ್.ಎಂ.ರಾಜಶೇಖರ್ ತಿಳಿಸಿದರು.

ಮೈಸೂರು, ಡಿ.12- ನ್ಯಾಯಾಲಯಗಳಲ್ಲಿ ಪ್ರಕರಣಗಳು ನಿಧಾನಗತಿಯಲ್ಲಿ ಇತ್ಯರ್ಥವಾಗುತ್ತಿರುವುದು ವಿಷಾದನೀಯ ಎಂದು ಪ್ರೊ. ಹೆಚ್.ಎಂ.ರಾಜಶೇಖರ್ ತಿಳಿಸಿದರು.

ಮೈಸೂರು, ಡಿ.12- ನ್ಯಾಯಾಲಯಗಳಲ್ಲಿ ಪ್ರಕರಣಗಳು ನಿಧಾನಗತಿಯಲ್ಲಿ ಇತ್ಯರ್ಥವಾಗುತ್ತಿರುವುದು ವಿಷಾದನೀಯ ಎಂದು ಪ್ರೊ. ಹೆಚ್.ಎಂ.ರಾಜಶೇಖರ್ ತಿಳಿಸಿದರು.

ಮೈಸೂರು, ಡಿ.12- ನ್ಯಾಯಾಲಯಗಳಲ್ಲಿ ಪ್ರಕರಣಗಳು ನಿಧಾನಗತಿಯಲ್ಲಿ ಇತ್ಯರ್ಥವಾಗುತ್ತಿರುವುದು ವಿಷಾದನೀಯ ಎಂದು ಪ್ರೊ. ಹೆಚ್.ಎಂ.ರಾಜಶೇಖರ್ ತಿಳಿಸಿದರು.

ಮೈಸೂರು, ಡಿ.12- ನ್ಯಾಯಾಲಯಗಳಲ್ಲಿ ಪ್ರಕರಣಗಳು ನಿಧಾನಗತಿಯಲ್ಲಿ ಇತ್ಯರ್ಥವಾಗುತ್ತಿರುವುದು ವಿಷಾದನೀಯ ಎಂದು ಪ್ರೊ. ಹೆಚ್.ಎಂ.ರಾಜಶೇಖರ್ ತಿಳಿಸಿದರು.

ಮೈಸೂರು, ಡಿ.12- ನ್ಯಾಯಾಲಯಗಳಲ್ಲಿ ಪ್ರಕರಣಗಳು ನಿಧಾನಗತಿಯಲ್ಲಿ ಇತ್ಯರ್ಥವಾಗುತ್ತಿರುವುದು ವಿಷಾದನೀಯ ಎಂದು ಪ್ರೊ. ಹೆಚ್.ಎಂ.ರಾಜಶೇಖರ್ ತಿಳಿಸಿದರು.

ಮೈಸೂರು, ಡಿ.12- ನ್ಯಾಯಾಲಯಗಳಲ್ಲಿ ಪ್ರಕರಣಗಳು ನಿಧಾನಗತಿಯಲ್ಲಿ ಇತ್ಯರ್ಥವಾಗುತ್ತಿರುವುದು ವಿಷಾದನೀಯ ಎಂದು ಪ್ರೊ. ಹೆಚ್.ಎಂ.ರಾಜಶೇಖರ್ ತಿಳಿಸಿದರು.

ಮೈಸೂರು, ಡಿ.12- ನ್ಯಾಯಾಲಯಗಳಲ್ಲಿ ಪ್ರಕರಣಗಳು ನಿಧಾನಗತಿಯಲ್ಲಿ ಇತ್ಯರ್ಥವಾಗುತ್ತಿರುವುದು ವಿಷಾದನೀಯ ಎಂದು ಪ್ರೊ. ಹೆಚ್.ಎಂ.ರಾಜಶೇಖರ್ ತಿಳಿಸಿದರು.

ಡಿ.14ರಂದು ಬೆಂಗಳೂರಿನಲ್ಲಿ ರಾಷ್ಟ್ರೀಯ ಮೀನುಗಾರರ ಬೃಹತ್ ಸಮಾವೇಶ

ಮೈಸೂರು, ಡಿ.12(ಪಿಎಂ)- ರಾಷ್ಟ್ರೀಯ ಮೀನುಗಾರರ ಬೃಹತ್ ಸಮಾವೇಶವನ್ನು ಬೆಂಗಳೂರಿನಲ್ಲಿ ಆಯೋಜಿಸಲಾಗಿದೆ ಎಂದು ತಿಳಿಸಿದರು.

ಮೈಸೂರು, ಡಿ.12(ಪಿಎಂ)- ರಾಷ್ಟ್ರೀಯ ಮೀನುಗಾರರ ಬೃಹತ್ ಸಮಾವೇಶವನ್ನು ಬೆಂಗಳೂರಿನಲ್ಲಿ ಆಯೋಜಿಸಲಾಗಿದೆ ಎಂದು ತಿಳಿಸಿದರು.

ಮೈಸೂರು, ಡಿ.12(ಪಿಎಂ)- ರಾಷ್ಟ್ರೀಯ ಮೀನುಗಾರರ ಬೃಹತ್ ಸಮಾವೇಶವನ್ನು ಬೆಂಗಳೂರಿನಲ್ಲಿ ಆಯೋಜಿಸಲಾಗಿದೆ ಎಂದು ತಿಳಿಸಿದರು.

ಮೈಸೂರು, ಡಿ.12(ಪಿಎಂ)- ರಾಷ್ಟ್ರೀಯ ಮೀನುಗಾರರ ಬೃಹತ್ ಸಮಾವೇಶವನ್ನು ಬೆಂಗಳೂರಿನಲ್ಲಿ ಆಯೋಜಿಸಲಾಗಿದೆ ಎಂದು ತಿಳಿಸಿದರು.

ಮೈಸೂರು, ಡಿ.12(ಪಿಎಂ)- ರಾಷ್ಟ್ರೀಯ ಮೀನುಗಾರರ ಬೃಹತ್ ಸಮಾವೇಶವನ್ನು ಬೆಂಗಳೂರಿನಲ್ಲಿ ಆಯೋಜಿಸಲಾಗಿದೆ ಎಂದು ತಿಳಿಸಿದರು.

ಮೈಸೂರು, ಡಿ.12(ಪಿಎಂ)- ರಾಷ್ಟ್ರೀಯ ಮೀನುಗಾರರ ಬೃಹತ್ ಸಮಾವೇಶವನ್ನು ಬೆಂಗಳೂರಿನಲ್ಲಿ ಆಯೋಜಿಸಲಾಗಿದೆ ಎಂದು ತಿಳಿಸಿದರು.

ಮೈಸೂರು, ಡಿ.12(ಪಿಎಂ)- ರಾಷ್ಟ್ರೀಯ ಮೀನುಗಾರರ ಬೃಹತ್ ಸಮಾವೇಶವನ್ನು ಬೆಂಗಳೂರಿನಲ್ಲಿ ಆಯೋಜಿಸಲಾಗಿದೆ ಎಂದು ತಿಳಿಸಿದರು.

ಮೈಸೂರು, ಡಿ.12(ಪಿಎಂ)- ರಾಷ್ಟ್ರೀಯ ಮೀನುಗಾರರ ಬೃಹತ್ ಸಮಾವೇಶವನ್ನು ಬೆಂಗಳೂರಿನಲ್ಲಿ ಆಯೋಜಿಸಲಾಗಿದೆ ಎಂದು ತಿಳಿಸಿದರು.

ಮೈಸೂರು, ಡಿ.12(ಪಿಎಂ)- ರಾಷ್ಟ್ರೀಯ ಮೀನುಗಾರರ ಬೃಹತ್ ಸಮಾವೇಶವನ್ನು ಬೆಂಗಳೂರಿನಲ್ಲಿ ಆಯೋಜಿಸಲಾಗಿದೆ ಎಂದು ತಿಳಿಸಿದರು.

ಮೈಸೂರು, ಡಿ.12(ಪಿಎಂ)- ರಾಷ್ಟ್ರೀಯ ಮೀನುಗಾರರ ಬೃಹತ್ ಸಮಾವೇಶವನ್ನು ಬೆಂಗಳೂರಿನಲ್ಲಿ ಆಯೋಜಿಸಲಾಗಿದೆ ಎಂದು ತಿಳಿಸಿದರು.

ಮೈಸೂರು, ಡಿ.12(ಪಿಎಂ)- ರಾಷ್ಟ್ರೀಯ ಮೀನುಗಾರರ ಬೃಹತ್ ಸಮಾವೇಶವನ್ನು ಬೆಂಗಳೂರಿನಲ್ಲಿ ಆಯೋಜಿಸಲಾಗಿದೆ ಎಂದು ತಿಳಿಸಿದರು.

ಮೈಸೂರು, ಡಿ.12(ಪಿಎಂ)- ರಾಷ್ಟ್ರೀಯ ಮೀನುಗಾರರ ಬೃಹತ್ ಸಮಾವೇಶವನ್ನು ಬೆಂಗಳೂರಿನಲ್ಲಿ ಆಯೋಜಿಸಲಾಗಿದೆ ಎಂದು ತಿಳಿಸಿದರು.

ಮೈಸೂರು, ಡಿ.12(ಪಿಎಂ)- ರಾಷ್ಟ್ರೀಯ ಮೀನುಗಾರರ ಬೃಹತ್ ಸಮಾವೇಶವನ್ನು ಬೆಂಗಳೂರಿನಲ್ಲಿ ಆಯೋಜಿಸಲಾಗಿದೆ ಎಂದು ತಿಳಿಸಿದರು.

ಮೈಸೂರು, ಡಿ.12(ಪಿಎಂ)- ರಾಷ್ಟ್ರೀಯ ಮೀನುಗಾರರ ಬೃಹತ್ ಸಮಾವೇಶವನ್ನು ಬೆಂಗಳೂರಿನಲ್ಲಿ ಆಯೋಜಿಸಲಾಗಿದೆ ಎಂದು ತಿಳಿಸಿದರು.

ಮೈಸೂರು, ಡಿ.12(ಪಿಎಂ)- ರಾಷ್ಟ್ರೀಯ ಮೀನುಗಾರರ ಬೃಹತ್ ಸಮಾವೇಶವನ್ನು ಬೆಂಗಳೂರಿನಲ್ಲಿ ಆಯೋಜಿಸಲಾಗಿದೆ ಎಂದು ತಿಳಿಸಿದರು.

ಮೈಸೂರು, ಡಿ.12(ಪಿಎಂ)- ರಾಷ್ಟ್ರೀಯ ಮೀನುಗಾರರ ಬೃಹತ್ ಸಮಾವೇಶವನ್ನು ಬೆಂಗಳೂರಿನಲ್ಲಿ ಆಯೋಜಿಸಲಾಗಿದೆ ಎಂದು ತಿಳಿಸಿದರು.

ಮೈಸೂರು, ಡಿ.12(ಪಿಎಂ)- ರಾಷ್ಟ್ರೀಯ ಮೀನುಗಾರರ ಬೃಹತ್ ಸಮಾವೇಶವನ್ನು ಬೆಂಗಳೂರಿನಲ್ಲಿ ಆಯೋಜಿಸಲಾಗಿದೆ ಎಂದು ತಿಳಿಸಿದರು.

ಮೈಸೂರು, ಡಿ.12(ಪಿಎಂ)- ರಾಷ್ಟ್ರೀಯ ಮೀನುಗಾರರ ಬೃಹತ್ ಸಮಾವೇಶವನ್ನು ಬೆಂಗಳೂರಿನಲ್ಲಿ ಆಯೋಜಿಸಲಾಗಿದೆ ಎಂದು ತಿಳಿಸಿದರು.

ಮೈಸೂರು, ಡಿ.12(ಪಿಎಂ)- ರಾಷ್ಟ್ರೀಯ ಮೀನುಗಾರರ ಬೃಹತ್ ಸಮಾವೇಶವನ್ನು ಬೆಂಗಳೂರಿನಲ್ಲಿ ಆಯೋಜಿಸಲಾಗಿದೆ ಎಂದು ತಿಳಿಸಿದರು.

ಮೈಸೂರು, ಡಿ.12(ಪಿಎಂ)- ರಾಷ್ಟ್ರೀಯ ಮೀನುಗಾರರ ಬೃಹತ್ ಸಮಾವೇಶವನ್ನು ಬೆಂಗಳೂರಿನಲ್ಲಿ ಆಯೋಜಿಸಲಾಗಿದೆ ಎಂದು ತಿಳಿಸಿದರು.

ಮೈಸೂರು, ಡಿ.12(ಪಿಎಂ)- ರಾಷ್ಟ್ರೀಯ ಮೀನುಗಾರರ ಬೃಹತ್ ಸಮಾವೇಶವನ್ನು ಬೆಂಗಳೂರಿನಲ್ಲಿ ಆಯೋಜಿಸಲಾಗಿದೆ ಎಂದು ತಿಳಿಸಿದರು.

ಮೈಸೂರು, ಡಿ.12(ಪಿಎಂ)- ರಾಷ್ಟ್ರೀಯ ಮೀನುಗಾರರ ಬೃಹತ್ ಸಮಾವೇಶವನ್ನು ಬೆಂಗಳೂರಿನಲ್ಲಿ ಆಯೋಜಿಸಲಾಗಿದೆ ಎಂದು ತಿಳಿಸಿದರು.

ಮೈಸೂರು, ಡಿ.12(ಪಿಎಂ)- ರಾಷ್ಟ್ರೀಯ ಮೀನುಗಾರರ ಬೃಹತ್ ಸಮಾವೇಶವನ್ನು ಬೆಂಗಳೂರಿನಲ್ಲಿ ಆಯೋಜಿಸಲಾಗಿದೆ ಎಂದು ತಿಳಿಸಿದರು.

ಮೈಸೂರು, ಡಿ.12(ಪಿಎಂ)- ರಾಷ್ಟ್ರೀಯ ಮೀನುಗಾರರ ಬೃಹತ್ ಸಮಾವೇಶವನ್ನು ಬೆಂಗಳೂರಿನಲ್ಲಿ ಆಯೋಜಿಸಲಾಗಿದೆ ಎಂದು ತಿಳಿಸಿದರು.

ನಿಧನ
ಎ. ಚಿಕ್ಕಸುಬ್ಬಯ್ಯ

ಮೈಸೂರು, ಡಿ.12- ಮೈಸೂರಿನ ವಿದ್ಯಾರಣ್ಯಪುರಂ ನಿವಾಸಿ ನಿಧನರಾದರು. ಮೃತರು ಪತ್ನಿ, ಪುತ್ರ, ಪುತ್ರಿ ಸೇರಿದಂತೆ ಅಪಾರ ಬಂಧುಬಳಗವನ್ನು ಅಗಲಿದ್ದಾರೆ.

ಮೈಸೂರು, ಡಿ.12- ಮೈಸೂರಿನ ವಿದ್ಯಾರಣ್ಯಪುರಂ ನಿವಾಸಿ ನಿಧನರಾದರು. ಮೃತರು ಪತ್ನಿ, ಪುತ್ರ, ಪುತ್ರಿ ಸೇರಿದಂತೆ ಅಪಾರ ಬಂಧುಬಳಗವನ್ನು ಅಗಲಿದ್ದಾರೆ.

ಮೈಸೂರು, ಡಿ.12- ಮೈಸೂರಿನ ವಿದ್ಯಾರಣ್ಯಪುರಂ ನಿವಾಸಿ ನಿಧನರಾದರು. ಮೃತರು ಪತ್ನಿ, ಪುತ್ರ, ಪುತ್ರಿ ಸೇರಿದಂತೆ ಅಪಾರ ಬಂಧುಬಳಗವನ್ನು ಅಗಲಿದ್ದಾರೆ.

ಮೈಸೂರು, ಡಿ.12- ಮೈಸೂರಿನ ವಿದ್ಯಾರಣ್ಯಪುರಂ ನಿವಾಸಿ ನಿಧನರಾದರು. ಮೃತರು ಪತ್ನಿ, ಪುತ್ರ, ಪುತ್ರಿ ಸೇರಿದಂತೆ ಅಪಾರ ಬಂಧುಬಳಗವನ್ನು ಅಗಲಿದ್ದಾರೆ.
